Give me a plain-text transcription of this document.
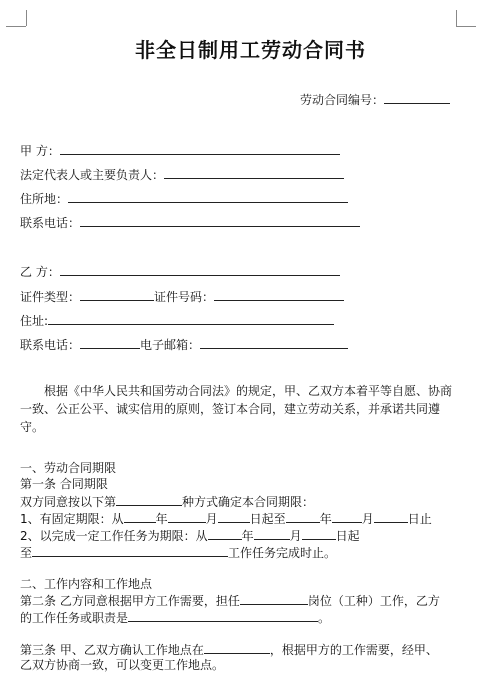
非全日制用工劳动合同书
劳动合同编号：
甲 方：
法定代表人或主要负责人：
住所地：
联系电话：
乙 方：
证件类型：	证件号码：
住址:
联系电话：	电子邮箱：
根据《中华人民共和国劳动合同法》的规定，甲、乙双方本着平等自愿、协商一致、公正公平、诚实信用的原则，签订本合同，建立劳动关系，并承诺共同遵守。
一、劳动合同期限
第一条 合同期限
双方同意按以下第	种方式确定本合同期限：
1、有固定期限：从	年	月	日起至	年	月	日止
2、以完成一定工作任务为期限：从	年	月	日起
至	工作任务完成时止。
二、工作内容和工作地点
第二条 乙方同意根据甲方工作需要，担任	岗位（工种）工作，乙方
的工作任务或职责是	。
第三条 甲、乙双方确认工作地点在	，根据甲方的工作需要，经甲、
乙双方协商一致，可以变更工作地点。
